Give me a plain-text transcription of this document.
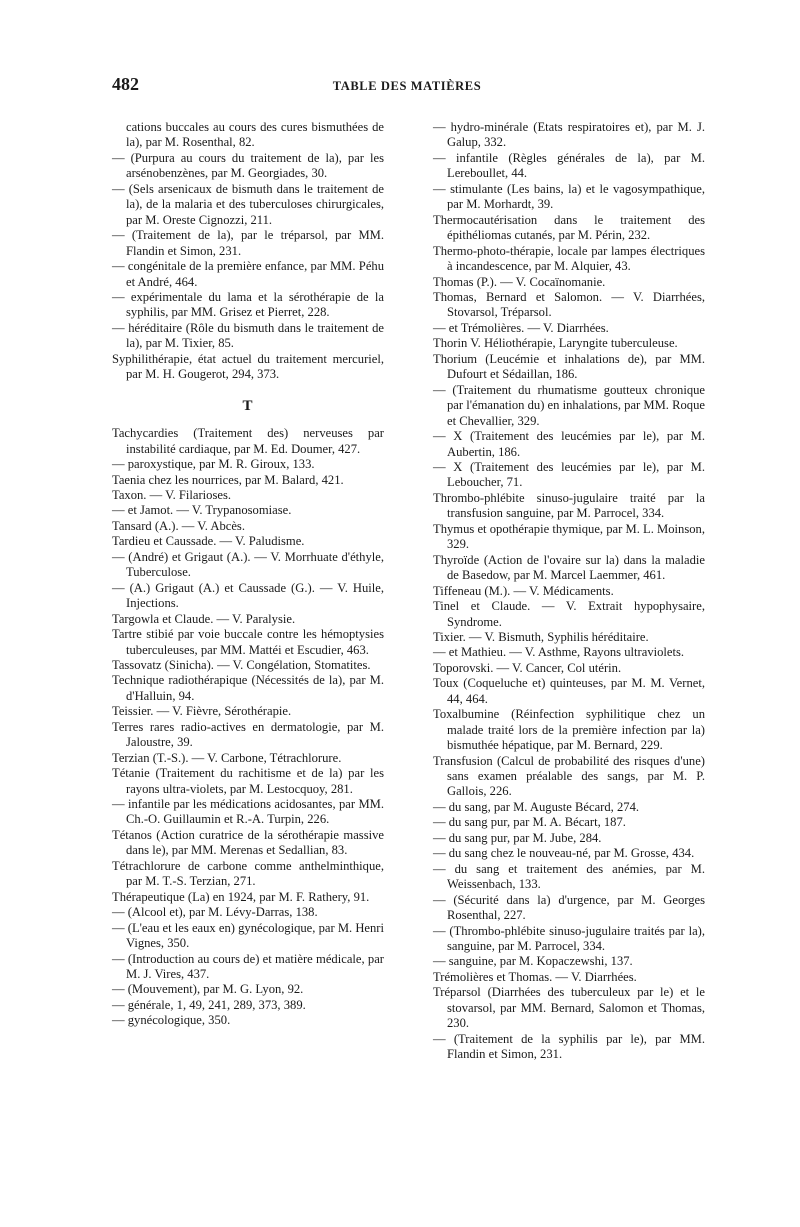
482	TABLE DES MATIÈRES

cations buccales au cours des cures bismuthées de la), par M. Rosenthal, 82.

— (Purpura au cours du traitement de la), par les arsénobenzènes, par M. Georgiades, 30.

— (Sels arsenicaux de bismuth dans le traitement de la), de la malaria et des tuberculoses chirurgicales, par M. Oreste Cignozzi, 211.

— (Traitement de la), par le tréparsol, par MM. Flandin et Simon, 231.

— congénitale de la première enfance, par MM. Péhu et André, 464.

— expérimentale du lama et la sérothérapie de la syphilis, par MM. Grisez et Pierret, 228.

— héréditaire (Rôle du bismuth dans le traitement de la), par M. Tixier, 85.

Syphilithérapie, état actuel du traitement mercuriel, par M. H. Gougerot, 294, 373.

T

Tachycardies (Traitement des) nerveuses par instabilité cardiaque, par M. Ed. Doumer, 427.

— paroxystique, par M. R. Giroux, 133.

Taenia chez les nourrices, par M. Balard, 421.

Taxon. — V. Filarioses.

— et Jamot. — V. Trypanosomiase.

Tansard (A.). — V. Abcès.

Tardieu et Caussade. — V. Paludisme.

— (André) et Grigaut (A.). — V. Morrhuate d'éthyle, Tuberculose.

— (A.) Grigaut (A.) et Caussade (G.). — V. Huile, Injections.

Targowla et Claude. — V. Paralysie.

Tartre stibié par voie buccale contre les hémoptysies tuberculeuses, par MM. Mattéi et Escudier, 463.

Tassovatz (Sinicha). — V. Congélation, Stomatites.

Technique radiothérapique (Nécessités de la), par M. d'Halluin, 94.

Teissier. — V. Fièvre, Sérothérapie.

Terres rares radio-actives en dermatologie, par M. Jaloustre, 39.

Terzian (T.-S.). — V. Carbone, Tétrachlorure.

Tétanie (Traitement du rachitisme et de la) par les rayons ultra-violets, par M. Lestocquoy, 281.

— infantile par les médications acidosantes, par MM. Ch.-O. Guillaumin et R.-A. Turpin, 226.

Tétanos (Action curatrice de la sérothérapie massive dans le), par MM. Merenas et Sedallian, 83.

Tétrachlorure de carbone comme anthelminthique, par M. T.-S. Terzian, 271.

Thérapeutique (La) en 1924, par M. F. Rathery, 91.

— (Alcool et), par M. Lévy-Darras, 138.

— (L'eau et les eaux en) gynécologique, par M. Henri Vignes, 350.

— (Introduction au cours de) et matière médicale, par M. J. Vires, 437.

— (Mouvement), par M. G. Lyon, 92.

— générale, 1, 49, 241, 289, 373, 389.

— gynécologique, 350.

— hydro-minérale (Etats respiratoires et), par M. J. Galup, 332.

— infantile (Règles générales de la), par M. Lereboullet, 44.

— stimulante (Les bains, la) et le vagosympathique, par M. Morhardt, 39.

Thermocautérisation dans le traitement des épithéliomas cutanés, par M. Périn, 232.

Thermo-photo-thérapie, locale par lampes électriques à incandescence, par M. Alquier, 43.

Thomas (P.). — V. Cocaïnomanie.

Thomas, Bernard et Salomon. — V. Diarrhées, Stovarsol, Tréparsol.

— et Trémolières. — V. Diarrhées.

Thorin V. Héliothérapie, Laryngite tuberculeuse.

Thorium (Leucémie et inhalations de), par MM. Dufourt et Sédaillan, 186.

— (Traitement du rhumatisme goutteux chronique par l'émanation du) en inhalations, par MM. Roque et Chevallier, 329.

— X (Traitement des leucémies par le), par M. Aubertin, 186.

— X (Traitement des leucémies par le), par M. Leboucher, 71.

Thrombo-phlébite sinuso-jugulaire traité par la transfusion sanguine, par M. Parrocel, 334.

Thymus et opothérapie thymique, par M. L. Moinson, 329.

Thyroïde (Action de l'ovaire sur la) dans la maladie de Basedow, par M. Marcel Laemmer, 461.

Tiffeneau (M.). — V. Médicaments.

Tinel et Claude. — V. Extrait hypophysaire, Syndrome.

Tixier. — V. Bismuth, Syphilis héréditaire.

— et Mathieu. — V. Asthme, Rayons ultraviolets.

Toporovski. — V. Cancer, Col utérin.

Toux (Coqueluche et) quinteuses, par M. M. Vernet, 44, 464.

Toxalbumine (Réinfection syphilitique chez un malade traité lors de la première infection par la) bismuthée hépatique, par M. Bernard, 229.

Transfusion (Calcul de probabilité des risques d'une) sans examen préalable des sangs, par M. P. Gallois, 226.

— du sang, par M. Auguste Bécard, 274.

— du sang pur, par M. A. Bécart, 187.

— du sang pur, par M. Jube, 284.

— du sang chez le nouveau-né, par M. Grosse, 434.

— du sang et traitement des anémies, par M. Weissenbach, 133.

— (Sécurité dans la) d'urgence, par M. Georges Rosenthal, 227.

— (Thrombo-phlébite sinuso-jugulaire traités par la), sanguine, par M. Parrocel, 334.

— sanguine, par M. Kopaczewshi, 137.

Trémolières et Thomas. — V. Diarrhées.

Tréparsol (Diarrhées des tuberculeux par le) et le stovarsol, par MM. Bernard, Salomon et Thomas, 230.

— (Traitement de la syphilis par le), par MM. Flandin et Simon, 231.
